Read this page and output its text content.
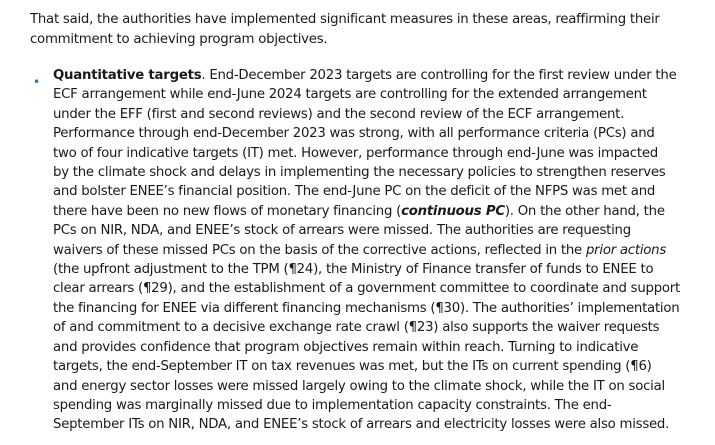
That said, the authorities have implemented significant measures in these areas, reaffirming their
commitment to achieving program objectives.

• Quantitative targets. End-December 2023 targets are controlling for the first review under the
ECF arrangement while end-June 2024 targets are controlling for the extended arrangement
under the EFF (first and second reviews) and the second review of the ECF arrangement.
Performance through end-December 2023 was strong, with all performance criteria (PCs) and
two of four indicative targets (IT) met. However, performance through end-June was impacted
by the climate shock and delays in implementing the necessary policies to strengthen reserves
and bolster ENEE’s financial position. The end-June PC on the deficit of the NFPS was met and
there have been no new flows of monetary financing (continuous PC). On the other hand, the
PCs on NIR, NDA, and ENEE’s stock of arrears were missed. The authorities are requesting
waivers of these missed PCs on the basis of the corrective actions, reflected in the prior actions
(the upfront adjustment to the TPM (¶24), the Ministry of Finance transfer of funds to ENEE to
clear arrears (¶29), and the establishment of a government committee to coordinate and support
the financing for ENEE via different financing mechanisms (¶30). The authorities’ implementation
of and commitment to a decisive exchange rate crawl (¶23) also supports the waiver requests
and provides confidence that program objectives remain within reach. Turning to indicative
targets, the end-September IT on tax revenues was met, but the ITs on current spending (¶6)
and energy sector losses were missed largely owing to the climate shock, while the IT on social
spending was marginally missed due to implementation capacity constraints. The end-
September ITs on NIR, NDA, and ENEE’s stock of arrears and electricity losses were also missed.
